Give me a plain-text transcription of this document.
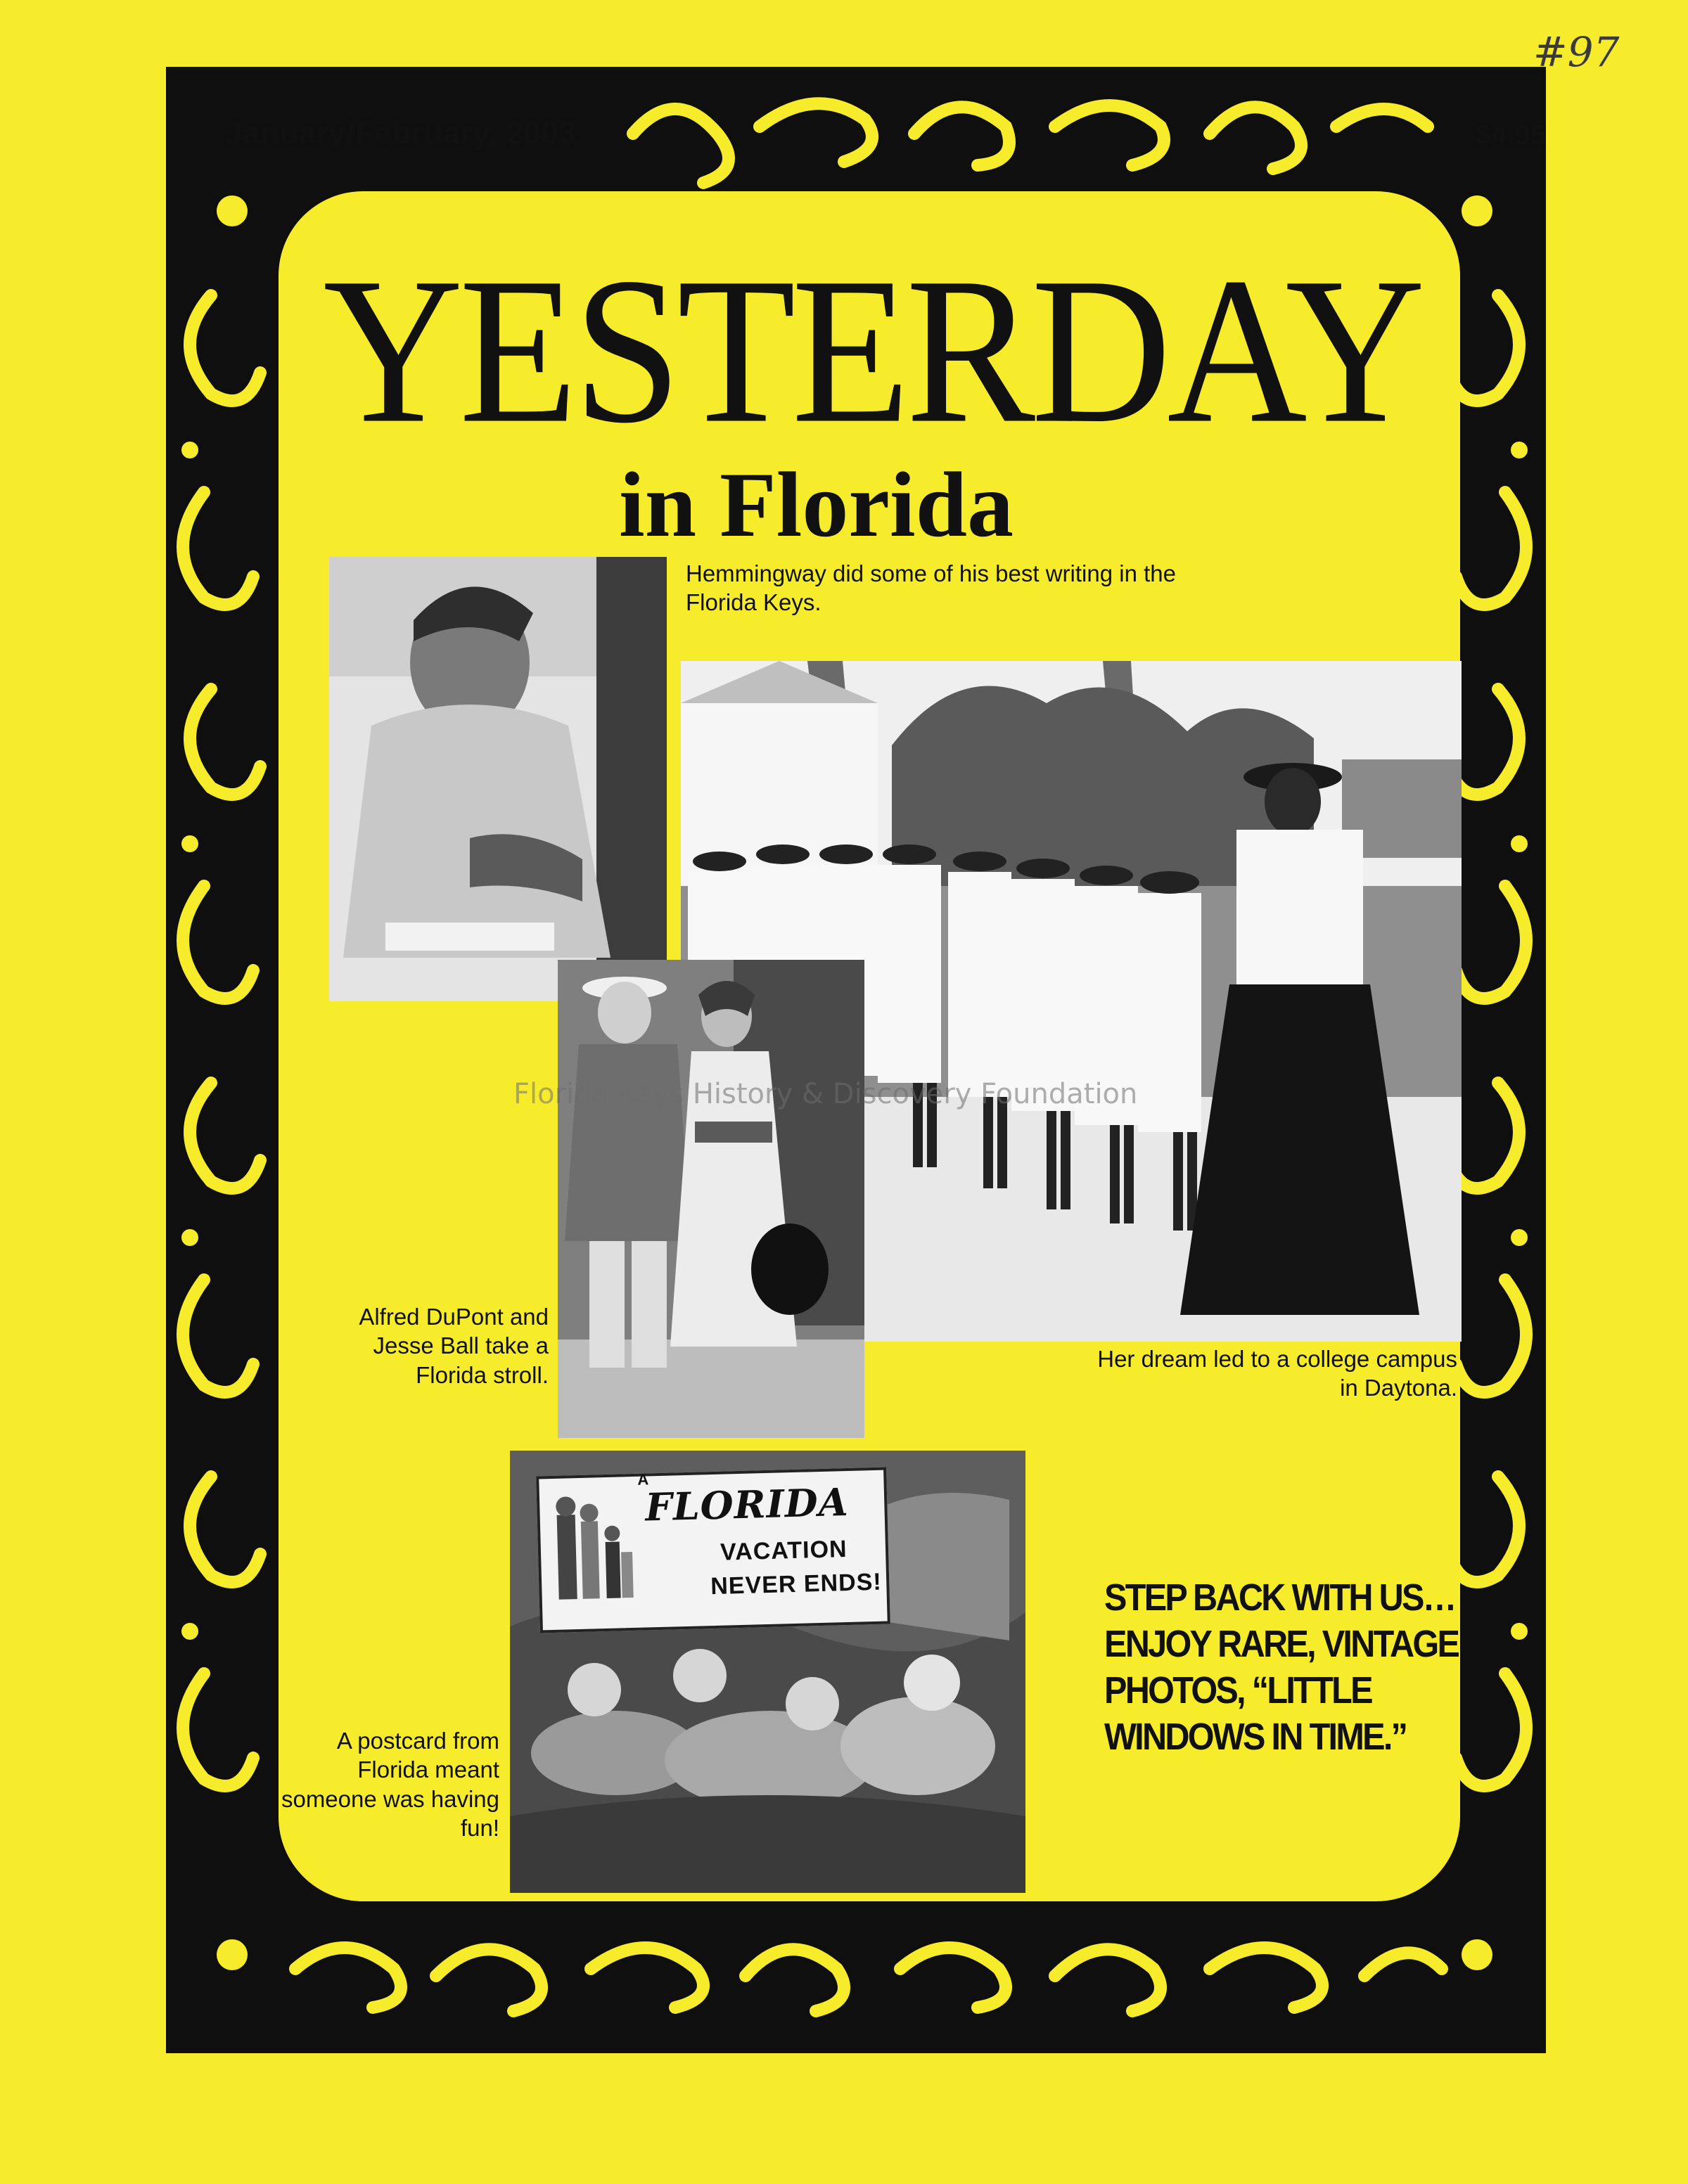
January/February, 2003	$4.95
#97
YESTERDAY
in Florida
Hemmingway did some of his best writing in the Florida Keys.
Her dream led to a college campus in Daytona.
Alfred DuPont and Jesse Ball take a Florida stroll.
A
FLORIDA
VACATION
NEVER ENDS!
A postcard from Florida meant someone was having fun!
STEP BACK WITH US… ENJOY RARE, VINTAGE PHOTOS, “LITTLE WINDOWS IN TIME.”
Florida Keys History & Discovery Foundation
